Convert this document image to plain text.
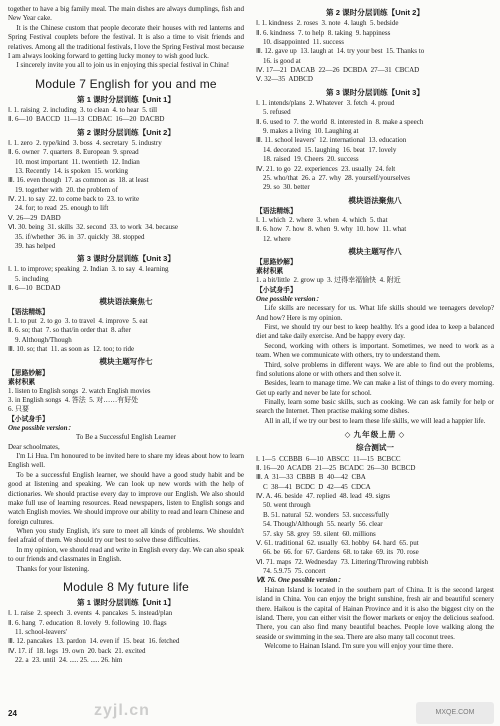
together to have a big family meal. The main dishes are always dumplings, fish and New Year cake.

It is the Chinese custom that people decorate their houses with red lanterns and Spring Festival couplets before the festival. It is also a time to visit friends and relatives. Among all the traditional festivals, I love the Spring Festival most because I am always looking forward to getting lucky money to wish good luck.

I sincerely invite you all to join us in enjoying this special festival in China!

Module 7 English for you and me
第 1 课时分层训练【Unit 1】

Ⅰ. 1. raising  2. including  3. to clean  4. to hear  5. till

Ⅱ. 6—10  BACCD  11—13  CDBAC  16—20  DACBD

第 2 课时分层训练【Unit 2】

Ⅰ. 1. zero  2. type/kind  3. boss  4. secretary  5. industry

Ⅱ. 6. owner  7. quarters  8. European  9. spread

10. most important  11. twentieth  12. Indian

13. Recently  14. is spoken  15. working

Ⅲ. 16. even though  17. as common as  18. at least

19. together with  20. the problem of

Ⅳ. 21. to say  22. to come back to  23. to write

24. for; to read  25. enough to lift

Ⅴ. 26—29  DABD

Ⅵ. 30. being  31. skills  32. second  33. to work  34. because

35. if/whether  36. in  37. quickly  38. stopped

39. has helped

第 3 课时分层训练【Unit 3】

Ⅰ. 1. to improve; speaking  2. Indian  3. to say  4. learning

5. including

Ⅱ. 6—10  BCDAD

模块语法聚焦七

【语法精练】

Ⅰ. 1. to put  2. to go  3. to travel  4. improve  5. eat

Ⅱ. 6. so; that  7. so that/in order that  8. after

9. Although/Though

Ⅲ. 10. so; that  11. as soon as  12. too; to ride

模块主题写作七

【思路妙解】

素材积累

1. listen to English songs  2. watch English movies

3. in English songs  4. 答法  5. 对……有好处

6. 只要

【小试身手】

One possible version：

To Be a Successful English Learner

Dear schoolmates,

I'm Li Hua. I'm honoured to be invited here to share my ideas about how to learn English well.

To be a successful English learner, we should have a good study habit and be good at listening and speaking. We can look up new words with the help of dictionaries. We should practise every day to improve our English. We also should make full use of learning resources. Read newspapers, listen to English songs and watch English movies. We should improve our ability to read and learn Chinese and foreign cultures.

When you study English, it's sure to meet all kinds of problems. We shouldn't feel afraid of them. We should try our best to solve these difficulties.

In my opinion, we should read and write in English every day. We can also speak to our friends and classmates in English.

Thanks for your listening.

Module 8 My future life
第 1 课时分层训练【Unit 1】

Ⅰ. 1. raise  2. speech  3. events  4. pancakes  5. instead/plan

Ⅱ. 6. hang  7. education  8. lovely  9. following  10. flags

11. school-leavers'

Ⅲ. 12. pancakes  13. pardon  14. even if  15. beat  16. fetched

Ⅳ. 17. if  18. legs  19. own  20. back  21. excited

22. a  23. until  24. ..... 25. ..... 26. him

第 2 课时分层训练【Unit 2】

Ⅰ. 1. kindness  2. roses  3. note  4. laugh  5. bedside

Ⅱ. 6. kindness  7. to help  8. taking  9. happiness

10. disappointed  11. success

Ⅲ. 12. gave up  13. laugh at  14. try your best  15. Thanks to

16. is good at

Ⅳ. 17—21  DACAB  22—26  DCBDA  27—31  CBCAD

Ⅴ. 32—35  ADBCD

第 3 课时分层训练【Unit 3】

Ⅰ. 1. intends/plans  2. Whatever  3. fetch  4. proud

5. refused

Ⅱ. 6. used to  7. the world  8. interested in  8. make a speech

9. makes a living  10. Laughing at

Ⅲ. 11. school leavers'  12. international  13. education

14. decorated  15. laughing  16. beat  17. lovely

18. raised  19. Cheers  20. success

Ⅳ. 21. to go  22. experiences  23. usually  24. felt

25. who/that  26. a  27. why  28. yourself/yourselves

29. so  30. better

模块语法聚焦八

【语法精练】

Ⅰ. 1. which  2. where  3. when  4. which  5. that

Ⅱ. 6. how  7. how  8. when  9. why  10. how  11. what

12. where

模块主题写作八

【思路妙解】

素材积累

1. a bit/little  2. grow up  3. 过得幸福愉快  4. 附近

【小试身手】

One possible version：

Life skills are necessary for us. What life skills should we teenagers develop? And how? Here is my opinion.

First, we should try our best to keep healthy. It's a good idea to keep a balanced diet and take daily exercise. And be happy every day.

Second, working with others is important. Sometimes, we need to work as a team. When we communicate with others, try to understand them.

Third, solve problems in different ways. We are able to find out the problems, find solutions alone or with others and then solve it.

Besides, learn to manage time. We can make a list of things to do every morning. Get up early and never be late for school.

Finally, learn some basic skills, such as cooking. We can ask family for help or search the Internet. Then practise making some dishes.

All in all, if we try our best to learn these life skills, we will lead a happier life.

◇ 九年级上册 ◇
综合测试一

Ⅰ. 1—5  CCBBB  6—10  ABSCC  11—15  BCBCC

Ⅱ. 16—20  ACADB  21—25  BCADC  26—30  BCBCD

Ⅲ. A  31—33  CBBB  B  40—42  CBA

C  38—41  BCDC  D  42—45  CDCA

Ⅳ. A. 46. beside  47. replied  48. lead  49. signs

50. went through

B. 51. natural  52. wonders  53. success/fully

54. Though/Although  55. nearly  56. clear

57. sky  58. grey  59. silent  60. millions

Ⅴ. 61. traditional  62. usually  63. hobby  64. hard  65. put

66. be  66. for  67. Gardens  68. to take  69. its  70. rose

Ⅵ. 71. maps  72. Wednesday  73. Littering/Throwing rubbish

74. 5.9.75  75. concert

Ⅶ. 76. One possible version：

Hainan Island is located in the southern part of China. It is the second largest island in China. You can enjoy the bright sunshine, fresh air and beautiful scenery there. Haikou is the capital of Hainan Province and it is also the biggest city on the island. There, you can either visit the flower markets or enjoy the delicious seafood. There, you can also find many beautiful beaches. People love walking along the seaside or swimming in the sea. There are also many tall coconut trees.

Welcome to Hainan Island. I'm sure you will enjoy your time there.

24	zyjl.cn	MXQE.COM
